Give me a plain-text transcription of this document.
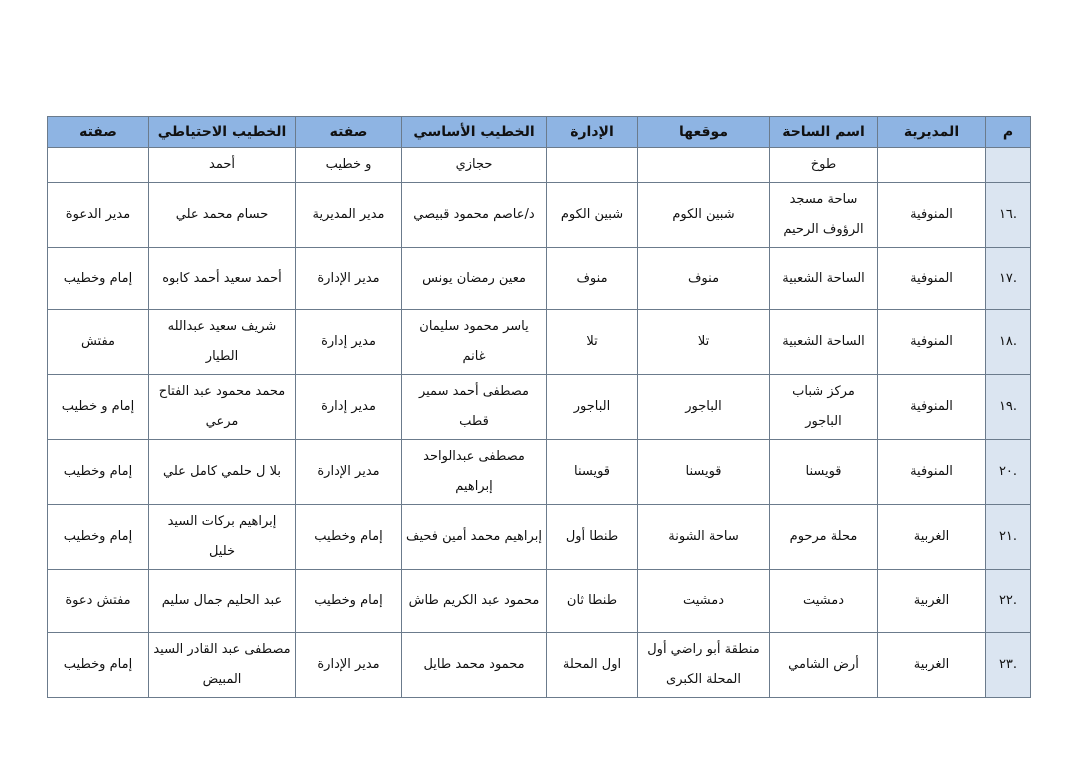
م	المديرية	اسم الساحة	موقعها	الإدارة	الخطيب الأساسي	صفته	الخطيب الاحتياطي	صفته
		طوخ			حجازي	و خطيب	أحمد	
.١٦	المنوفية	ساحة مسجد الرؤوف الرحيم	شبين الكوم	شبين الكوم	د/عاصم محمود قبيصي	مدير المديرية	حسام محمد علي	مدير الدعوة
.١٧	المنوفية	الساحة الشعبية	منوف	منوف	معين رمضان يونس	مدير الإدارة	أحمد سعيد أحمد كابوه	إمام وخطيب
.١٨	المنوفية	الساحة الشعبية	تلا	تلا	ياسر محمود سليمان غانم	مدير إدارة	شريف سعيد عبدالله الطيار	مفتش
.١٩	المنوفية	مركز شباب الباجور	الباجور	الباجور	مصطفى أحمد سمير قطب	مدير إدارة	محمد محمود عبد الفتاح مرعي	إمام و خطيب
.٢٠	المنوفية	قويسنا	قويسنا	قويسنا	مصطفى عبدالواحد إبراهيم	مدير الإدارة	بلا ل حلمي كامل علي	إمام وخطيب
.٢١	الغربية	محلة مرحوم	ساحة الشونة	طنطا أول	إبراهيم محمد أمين فحيف	إمام وخطيب	إبراهيم بركات السيد خليل	إمام وخطيب
.٢٢	الغربية	دمشيت	دمشيت	طنطا ثان	محمود عبد الكريم طاش	إمام وخطيب	عبد الحليم جمال سليم	مفتش دعوة
.٢٣	الغربية	أرض الشامي	منطقة أبو راضي أول المحلة الكبرى	اول المحلة	محمود محمد طايل	مدير الإدارة	مصطفى عبد القادر السيد المبيض	إمام وخطيب
